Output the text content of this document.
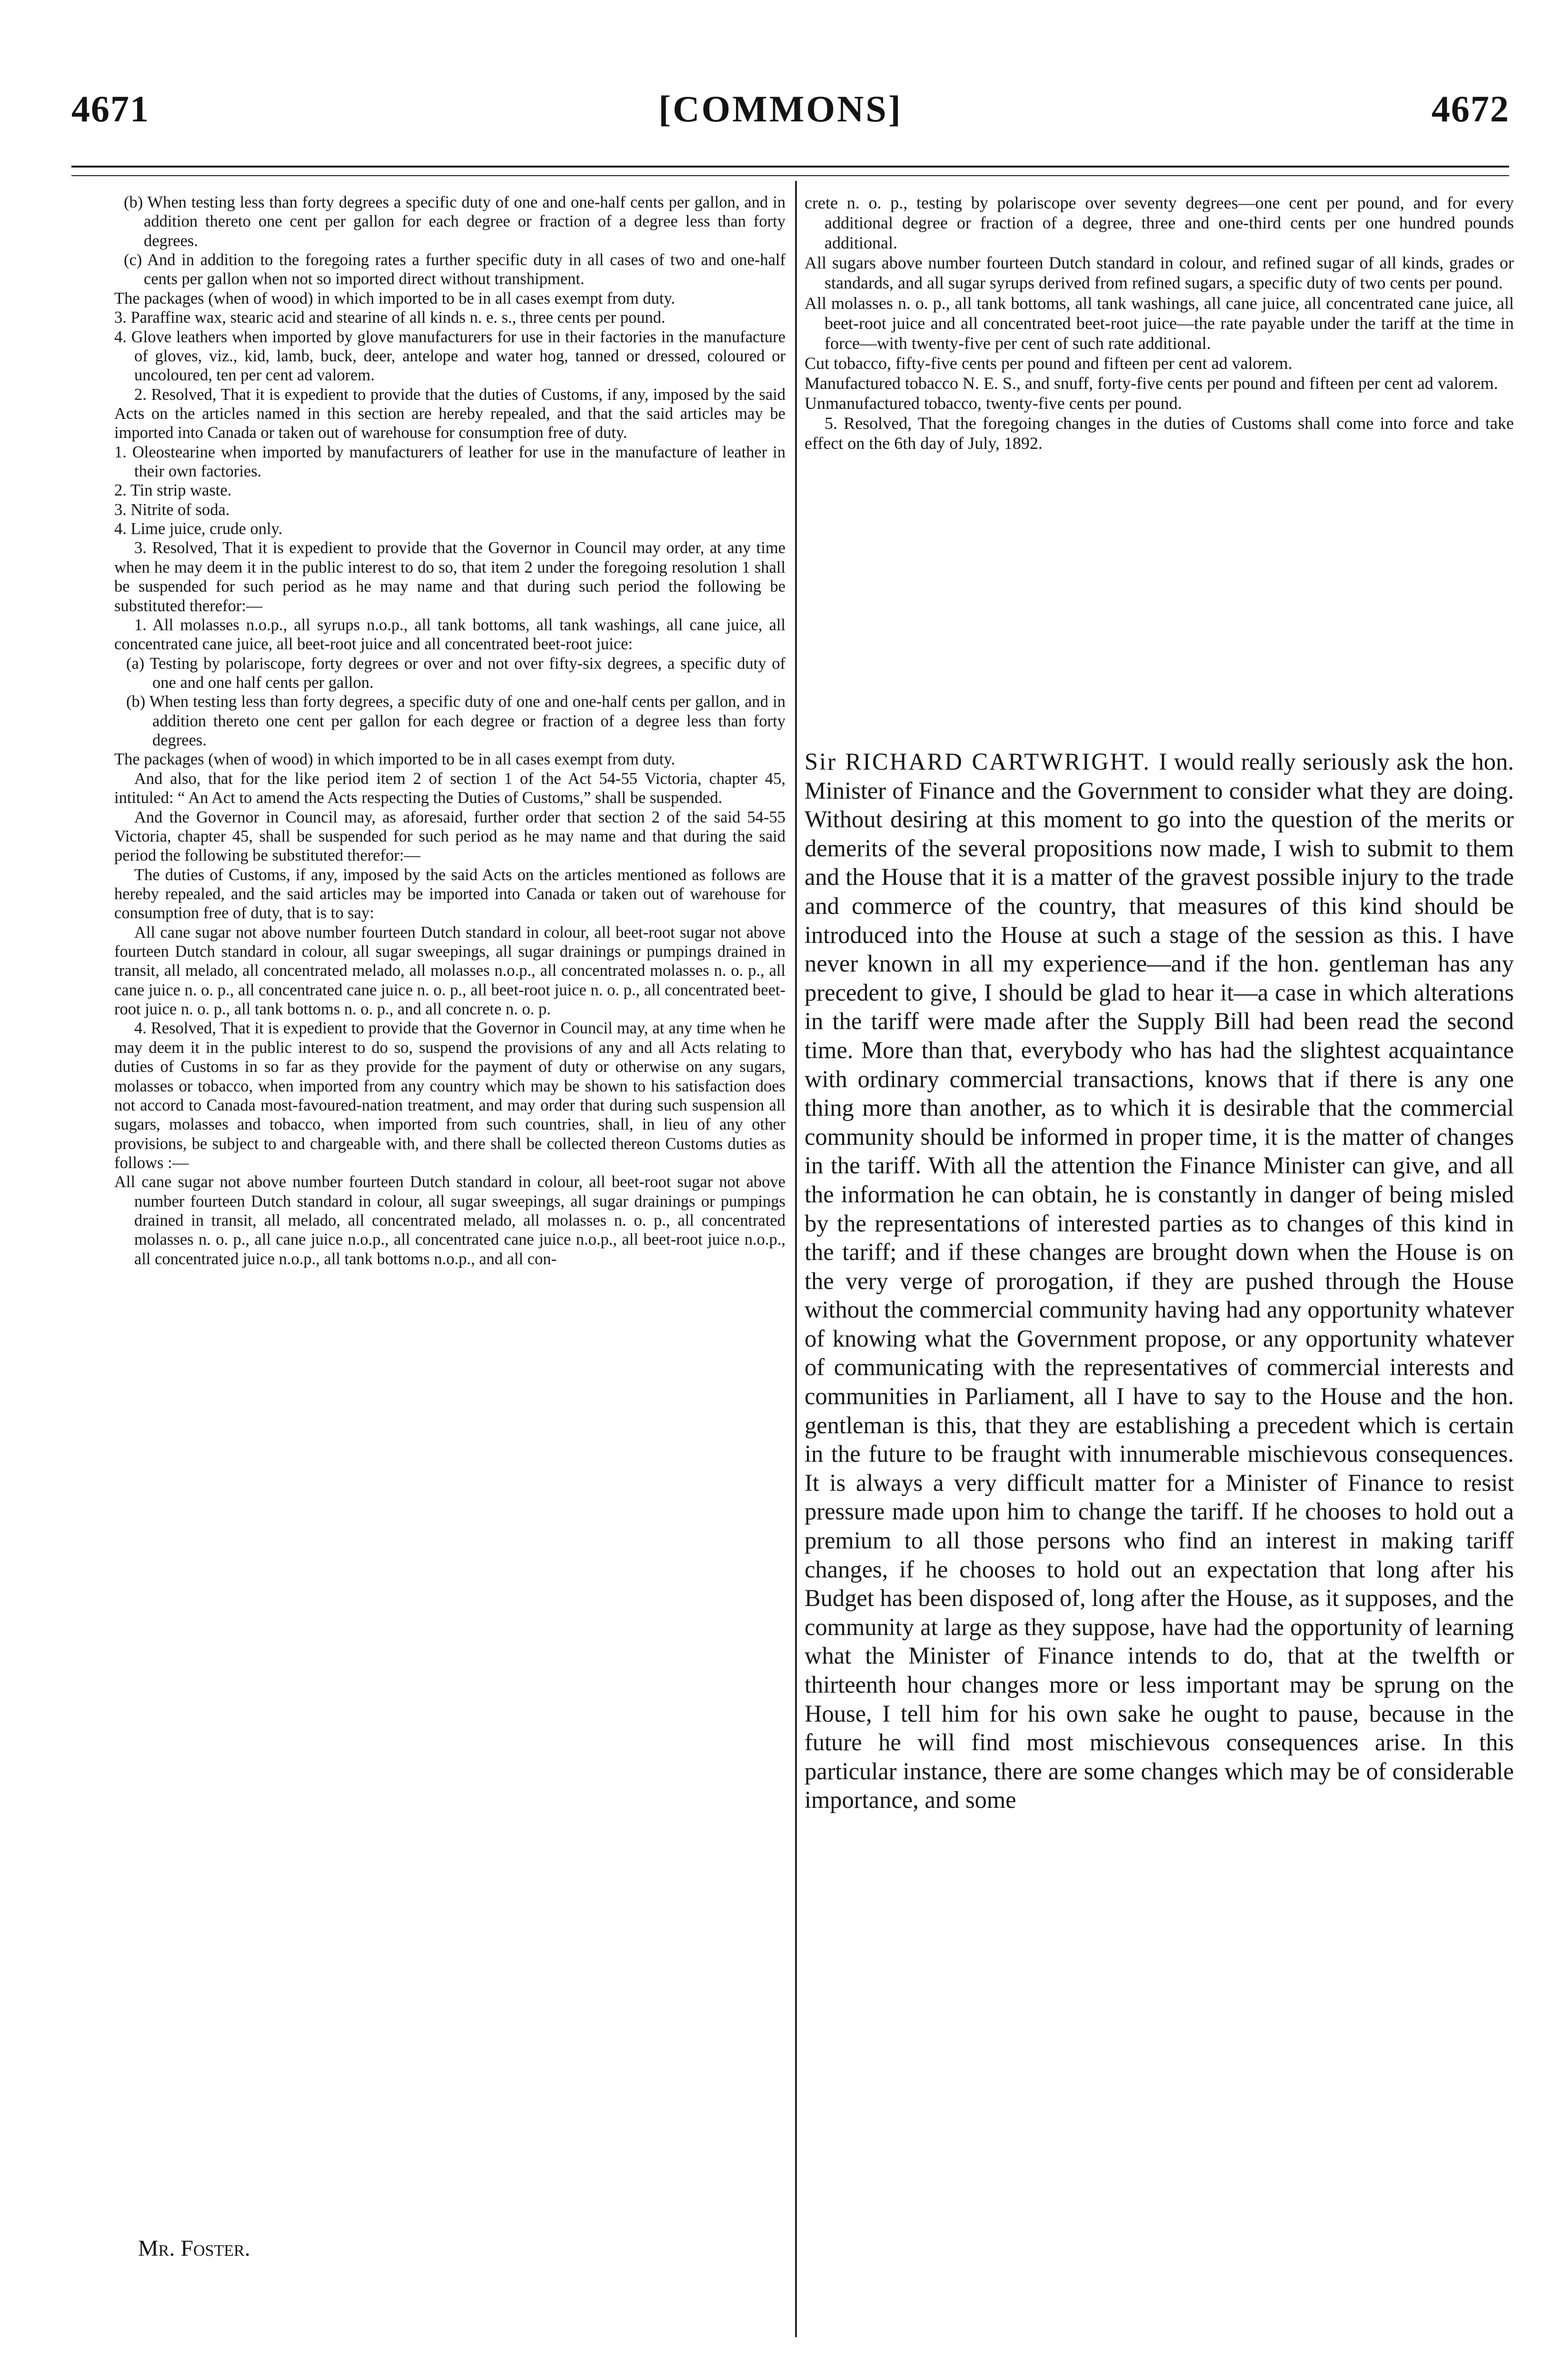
4671	[COMMONS]	4672

(b) When testing less than forty degrees a specific duty of one and one-half cents per gallon, and in addition thereto one cent per gallon for each degree or fraction of a degree less than forty degrees.

(c) And in addition to the foregoing rates a further specific duty in all cases of two and one-half cents per gallon when not so imported direct without transhipment.

The packages (when of wood) in which imported to be in all cases exempt from duty.

3. Paraffine wax, stearic acid and stearine of all kinds n. e. s., three cents per pound.

4. Glove leathers when imported by glove manufacturers for use in their factories in the manufacture of gloves, viz., kid, lamb, buck, deer, antelope and water hog, tanned or dressed, coloured or uncoloured, ten per cent ad valorem.

2. Resolved, That it is expedient to provide that the duties of Customs, if any, imposed by the said Acts on the articles named in this section are hereby repealed, and that the said articles may be imported into Canada or taken out of warehouse for consumption free of duty.

1. Oleostearine when imported by manufacturers of leather for use in the manufacture of leather in their own factories.

2. Tin strip waste.

3. Nitrite of soda.

4. Lime juice, crude only.

3. Resolved, That it is expedient to provide that the Governor in Council may order, at any time when he may deem it in the public interest to do so, that item 2 under the foregoing resolution 1 shall be suspended for such period as he may name and that during such period the following be substituted therefor:—

1. All molasses n.o.p., all syrups n.o.p., all tank bottoms, all tank washings, all cane juice, all concentrated cane juice, all beet-root juice and all concentrated beet-root juice:

(a) Testing by polariscope, forty degrees or over and not over fifty-six degrees, a specific duty of one and one half cents per gallon.

(b) When testing less than forty degrees, a specific duty of one and one-half cents per gallon, and in addition thereto one cent per gallon for each degree or fraction of a degree less than forty degrees.

The packages (when of wood) in which imported to be in all cases exempt from duty.

And also, that for the like period item 2 of section 1 of the Act 54-55 Victoria, chapter 45, intituled: “ An Act to amend the Acts respecting the Duties of Customs,” shall be suspended.

And the Governor in Council may, as aforesaid, further order that section 2 of the said 54-55 Victoria, chapter 45, shall be suspended for such period as he may name and that during the said period the following be substituted therefor:—

The duties of Customs, if any, imposed by the said Acts on the articles mentioned as follows are hereby repealed, and the said articles may be imported into Canada or taken out of warehouse for consumption free of duty, that is to say:

All cane sugar not above number fourteen Dutch standard in colour, all beet-root sugar not above fourteen Dutch standard in colour, all sugar sweepings, all sugar drainings or pumpings drained in transit, all melado, all concentrated melado, all molasses n.o.p., all concentrated molasses n. o. p., all cane juice n. o. p., all concentrated cane juice n. o. p., all beet-root juice n. o. p., all concentrated beet-root juice n. o. p., all tank bottoms n. o. p., and all concrete n. o. p.

4. Resolved, That it is expedient to provide that the Governor in Council may, at any time when he may deem it in the public interest to do so, suspend the provisions of any and all Acts relating to duties of Customs in so far as they provide for the payment of duty or otherwise on any sugars, molasses or tobacco, when imported from any country which may be shown to his satisfaction does not accord to Canada most-favoured-nation treatment, and may order that during such suspension all sugars, molasses and tobacco, when imported from such countries, shall, in lieu of any other provisions, be subject to and chargeable with, and there shall be collected thereon Customs duties as follows :—

All cane sugar not above number fourteen Dutch standard in colour, all beet-root sugar not above number fourteen Dutch standard in colour, all sugar sweepings, all sugar drainings or pumpings drained in transit, all melado, all concentrated melado, all molasses n. o. p., all concentrated molasses n. o. p., all cane juice n.o.p., all concentrated cane juice n.o.p., all beet-root juice n.o.p., all concentrated juice n.o.p., all tank bottoms n.o.p., and all con-

Mr. Foster.

crete n. o. p., testing by polariscope over seventy degrees—one cent per pound, and for every additional degree or fraction of a degree, three and one-third cents per one hundred pounds additional.

All sugars above number fourteen Dutch standard in colour, and refined sugar of all kinds, grades or standards, and all sugar syrups derived from refined sugars, a specific duty of two cents per pound.

All molasses n. o. p., all tank bottoms, all tank washings, all cane juice, all concentrated cane juice, all beet-root juice and all concentrated beet-root juice—the rate payable under the tariff at the time in force—with twenty-five per cent of such rate additional.

Cut tobacco, fifty-five cents per pound and fifteen per cent ad valorem.

Manufactured tobacco N. E. S., and snuff, forty-five cents per pound and fifteen per cent ad valorem.

Unmanufactured tobacco, twenty-five cents per pound.

5. Resolved, That the foregoing changes in the duties of Customs shall come into force and take effect on the 6th day of July, 1892.

Sir RICHARD CARTWRIGHT. I would really seriously ask the hon. Minister of Finance and the Government to consider what they are doing. Without desiring at this moment to go into the question of the merits or demerits of the several propositions now made, I wish to submit to them and the House that it is a matter of the gravest possible injury to the trade and commerce of the country, that measures of this kind should be introduced into the House at such a stage of the session as this. I have never known in all my experience—and if the hon. gentleman has any precedent to give, I should be glad to hear it—a case in which alterations in the tariff were made after the Supply Bill had been read the second time. More than that, everybody who has had the slightest acquaintance with ordinary commercial transactions, knows that if there is any one thing more than another, as to which it is desirable that the commercial community should be informed in proper time, it is the matter of changes in the tariff. With all the attention the Finance Minister can give, and all the information he can obtain, he is constantly in danger of being misled by the representations of interested parties as to changes of this kind in the tariff; and if these changes are brought down when the House is on the very verge of prorogation, if they are pushed through the House without the commercial community having had any opportunity whatever of knowing what the Government propose, or any opportunity whatever of communicating with the representatives of commercial interests and communities in Parliament, all I have to say to the House and the hon. gentleman is this, that they are establishing a precedent which is certain in the future to be fraught with innumerable mischievous consequences. It is always a very difficult matter for a Minister of Finance to resist pressure made upon him to change the tariff. If he chooses to hold out a premium to all those persons who find an interest in making tariff changes, if he chooses to hold out an expectation that long after his Budget has been disposed of, long after the House, as it supposes, and the community at large as they suppose, have had the opportunity of learning what the Minister of Finance intends to do, that at the twelfth or thirteenth hour changes more or less important may be sprung on the House, I tell him for his own sake he ought to pause, because in the future he will find most mischievous consequences arise. In this particular instance, there are some changes which may be of considerable importance, and some
